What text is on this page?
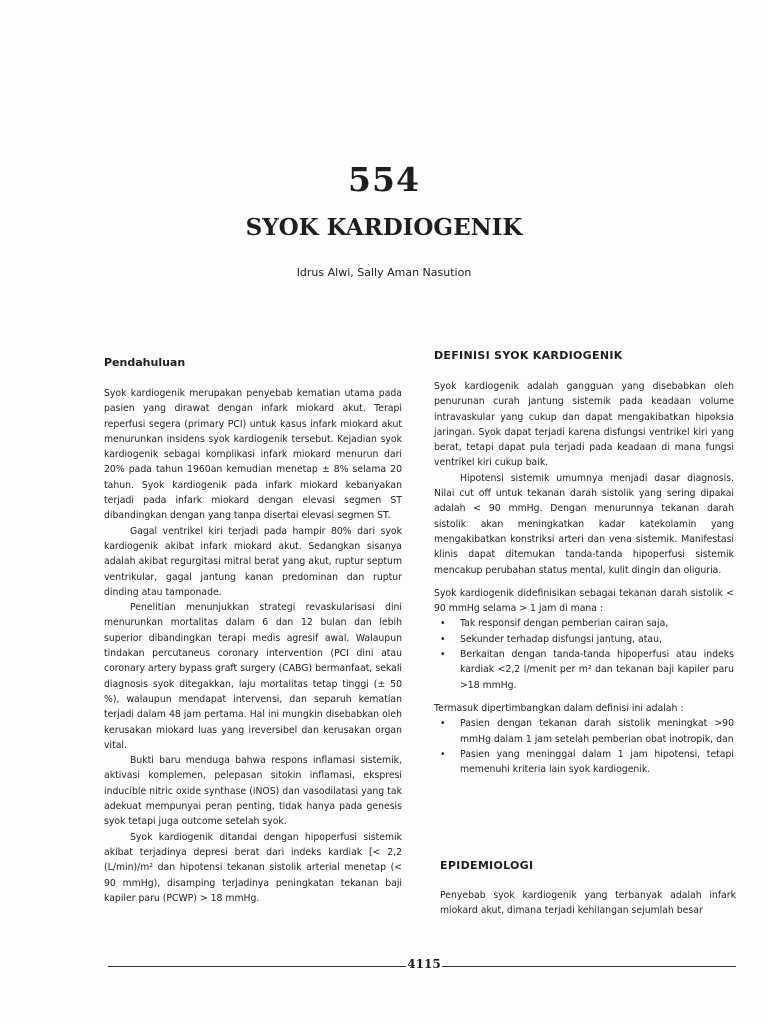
554
SYOK KARDIOGENIK
Idrus Alwi, Sally Aman Nasution
Pendahuluan

Syok kardiogenik merupakan penyebab kematian utama pada pasien yang dirawat dengan infark miokard akut. Terapi reperfusi segera (primary PCI) untuk kasus infark miokard akut menurunkan insidens syok kardiogenik tersebut. Kejadian syok kardiogenik sebagai komplikasi infark miokard menurun dari 20% pada tahun 1960an kemudian menetap ± 8% selama 20 tahun. Syok kardiogenik pada infark miokard kebanyakan terjadi pada infark miokard dengan elevasi segmen ST dibandingkan dengan yang tanpa disertai elevasi segmen ST.

Gagal ventrikel kiri terjadi pada hampir 80% dari syok kardiogenik akibat infark miokard akut. Sedangkan sisanya adalah akibat regurgitasi mitral berat yang akut, ruptur septum ventrikular, gagal jantung kanan predominan dan ruptur dinding atau tamponade.

Penelitian menunjukkan strategi revaskularisasi dini menurunkan mortalitas dalam 6 dan 12 bulan dan lebih superior dibandingkan terapi medis agresif awal. Walaupun tindakan percutaneus coronary intervention (PCI dini atau coronary artery bypass graft surgery (CABG) bermanfaat, sekali diagnosis syok ditegakkan, laju mortalitas tetap tinggi (± 50 %), walaupun mendapat intervensi, dan separuh kematian terjadi dalam 48 jam pertama. Hal ini mungkin disebabkan oleh kerusakan miokard luas yang ireversibel dan kerusakan organ vital.

Bukti baru menduga bahwa respons inflamasi sistemik, aktivasi komplemen, pelepasan sitokin inflamasi, ekspresi inducible nitric oxide synthase (iNOS) dan vasodilatasi yang tak adekuat mempunyai peran penting, tidak hanya pada genesis syok tetapi juga outcome setelah syok.

Syok kardiogenik ditandai dengan hipoperfusi sistemik akibat terjadinya depresi berat dari indeks kardiak [< 2,2 (L/min)/m² dan hipotensi tekanan sistolik arterial menetap (< 90 mmHg), disamping terjadinya peningkatan tekanan baji kapiler paru (PCWP) > 18 mmHg.

DEFINISI SYOK KARDIOGENIK

Syok kardiogenik adalah gangguan yang disebabkan oleh penurunan curah jantung sistemik pada keadaan volume intravaskular yang cukup dan dapat mengakibatkan hipoksia jaringan. Syok dapat terjadi karena disfungsi ventrikel kiri yang berat, tetapi dapat pula terjadi pada keadaan di mana fungsi ventrikel kiri cukup baik.

Hipotensi sistemik umumnya menjadi dasar diagnosis. Nilai cut off untuk tekanan darah sistolik yang sering dipakai adalah < 90 mmHg. Dengan menurunnya tekanan darah sistolik akan meningkatkan kadar katekolamin yang mengakibatkan konstriksi arteri dan vena sistemik. Manifestasi klinis dapat ditemukan tanda-tanda hipoperfusi sistemik mencakup perubahan status mental, kulit dingin dan oliguria.

Syok kardiogenik didefinisikan sebagai tekanan darah sistolik < 90 mmHg selama > 1 jam di mana :

• Tak responsif dengan pemberian cairan saja,
• Sekunder terhadap disfungsi jantung, atau,
• Berkaitan dengan tanda-tanda hipoperfusi atau indeks kardiak <2,2 l/menit per m² dan tekanan baji kapiler paru >18 mmHg.

Termasuk dipertimbangkan dalam definisi ini adalah :

• Pasien dengan tekanan darah sistolik meningkat >90 mmHg dalam 1 jam setelah pemberian obat inotropik, dan
• Pasien yang meninggal dalam 1 jam hipotensi, tetapi memenuhi kriteria lain syok kardiogenik.
EPIDEMIOLOGI

Penyebab syok kardiogenik yang terbanyak adalah infark miokard akut, dimana terjadi kehilangan sejumlah besar

4115
